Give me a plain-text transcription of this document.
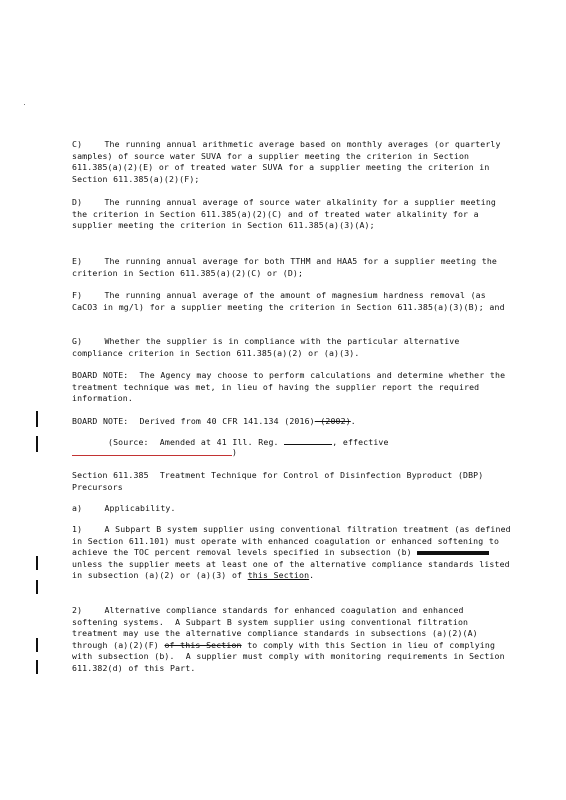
C)    The running annual arithmetic average based on monthly averages (or quarterly samples) of source water SUVA for a supplier meeting the criterion in Section 611.385(a)(2)(E) or of treated water SUVA for a supplier meeting the criterion in Section 611.385(a)(2)(F);
D)    The running annual average of source water alkalinity for a supplier meeting the criterion in Section 611.385(a)(2)(C) and of treated water alkalinity for a supplier meeting the criterion in Section 611.385(a)(3)(A);
E)    The running annual average for both TTHM and HAA5 for a supplier meeting the criterion in Section 611.385(a)(2)(C) or (D);
F)    The running annual average of the amount of magnesium hardness removal (as CaCO3 in mg/l) for a supplier meeting the criterion in Section 611.385(a)(3)(B); and
G)    Whether the supplier is in compliance with the particular alternative compliance criterion in Section 611.385(a)(2) or (a)(3).
BOARD NOTE:  The Agency may choose to perform calculations and determine whether the treatment technique was met, in lieu of having the supplier report the required information.
BOARD NOTE:  Derived from 40 CFR 141.134 (2016) (2002).
(Source:  Amended at 41 Ill. Reg.	, effective
)
Section 611.385  Treatment Technique for Control of Disinfection Byproduct (DBP) Precursors
a)    Applicability.
1)    A Subpart B system supplier using conventional filtration treatment (as defined in Section 611.101) must operate with enhanced coagulation or enhanced softening to achieve the TOC percent removal levels specified in subsection (b)	unless the supplier meets at least one of the alternative compliance standards listed in subsection (a)(2) or (a)(3) of this Section.
2)    Alternative compliance standards for enhanced coagulation and enhanced softening systems.  A Subpart B system supplier using conventional filtration treatment may use the alternative compliance standards in subsections (a)(2)(A) through (a)(2)(F) of this Section to comply with this Section in lieu of complying with subsection (b).  A supplier must comply with monitoring requirements in Section 611.382(d) of this Part.
